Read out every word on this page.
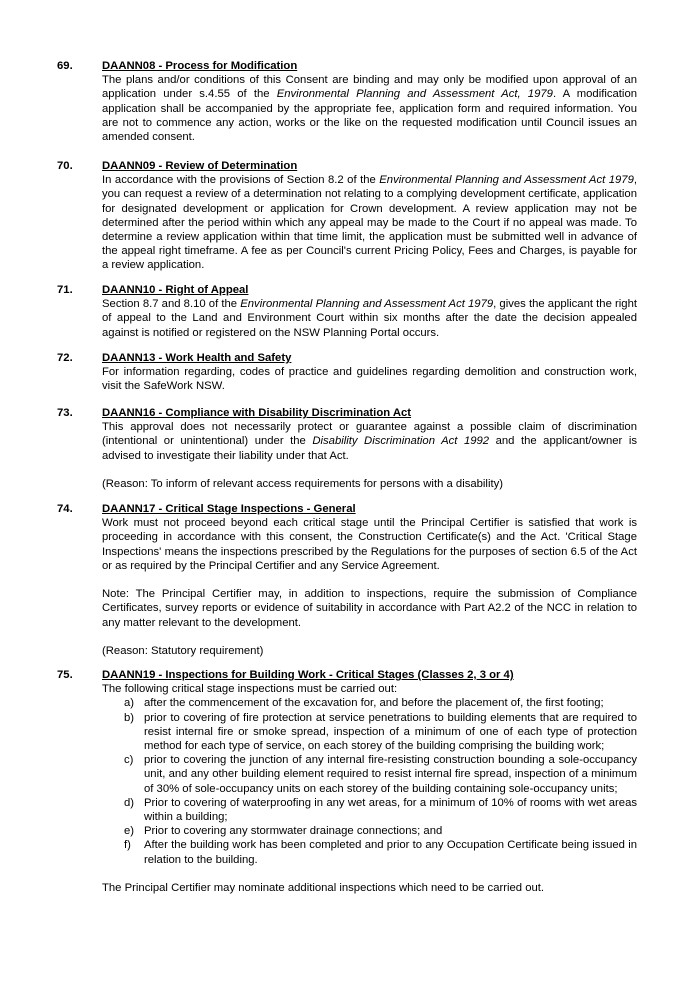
69.	DAANN08 - Process for Modification
The plans and/or conditions of this Consent are binding and may only be modified upon approval of an application under s.4.55 of the Environmental Planning and Assessment Act, 1979. A modification application shall be accompanied by the appropriate fee, application form and required information. You are not to commence any action, works or the like on the requested modification until Council issues an amended consent.
70.	DAANN09 - Review of Determination
In accordance with the provisions of Section 8.2 of the Environmental Planning and Assessment Act 1979, you can request a review of a determination not relating to a complying development certificate, application for designated development or application for Crown development. A review application may not be determined after the period within which any appeal may be made to the Court if no appeal was made. To determine a review application within that time limit, the application must be submitted well in advance of the appeal right timeframe. A fee as per Council's current Pricing Policy, Fees and Charges, is payable for a review application.
71.	DAANN10 - Right of Appeal
Section 8.7 and 8.10 of the Environmental Planning and Assessment Act 1979, gives the applicant the right of appeal to the Land and Environment Court within six months after the date the decision appealed against is notified or registered on the NSW Planning Portal occurs.
72.	DAANN13 - Work Health and Safety
For information regarding, codes of practice and guidelines regarding demolition and construction work, visit the SafeWork NSW.
73.	DAANN16 - Compliance with Disability Discrimination Act
This approval does not necessarily protect or guarantee against a possible claim of discrimination (intentional or unintentional) under the Disability Discrimination Act 1992 and the applicant/owner is advised to investigate their liability under that Act.
(Reason: To inform of relevant access requirements for persons with a disability)
74.	DAANN17 - Critical Stage Inspections - General
Work must not proceed beyond each critical stage until the Principal Certifier is satisfied that work is proceeding in accordance with this consent, the Construction Certificate(s) and the Act. 'Critical Stage Inspections' means the inspections prescribed by the Regulations for the purposes of section 6.5 of the Act or as required by the Principal Certifier and any Service Agreement.
Note: The Principal Certifier may, in addition to inspections, require the submission of Compliance Certificates, survey reports or evidence of suitability in accordance with Part A2.2 of the NCC in relation to any matter relevant to the development.
(Reason: Statutory requirement)
75.	DAANN19 - Inspections for Building Work - Critical Stages (Classes 2, 3 or 4)
The following critical stage inspections must be carried out:
a) after the commencement of the excavation for, and before the placement of, the first footing;
b) prior to covering of fire protection at service penetrations to building elements that are required to resist internal fire or smoke spread, inspection of a minimum of one of each type of protection method for each type of service, on each storey of the building comprising the building work;
c) prior to covering the junction of any internal fire-resisting construction bounding a sole-occupancy unit, and any other building element required to resist internal fire spread, inspection of a minimum of 30% of sole-occupancy units on each storey of the building containing sole-occupancy units;
d) Prior to covering of waterproofing in any wet areas, for a minimum of 10% of rooms with wet areas within a building;
e) Prior to covering any stormwater drainage connections; and
f) After the building work has been completed and prior to any Occupation Certificate being issued in relation to the building.
The Principal Certifier may nominate additional inspections which need to be carried out.
